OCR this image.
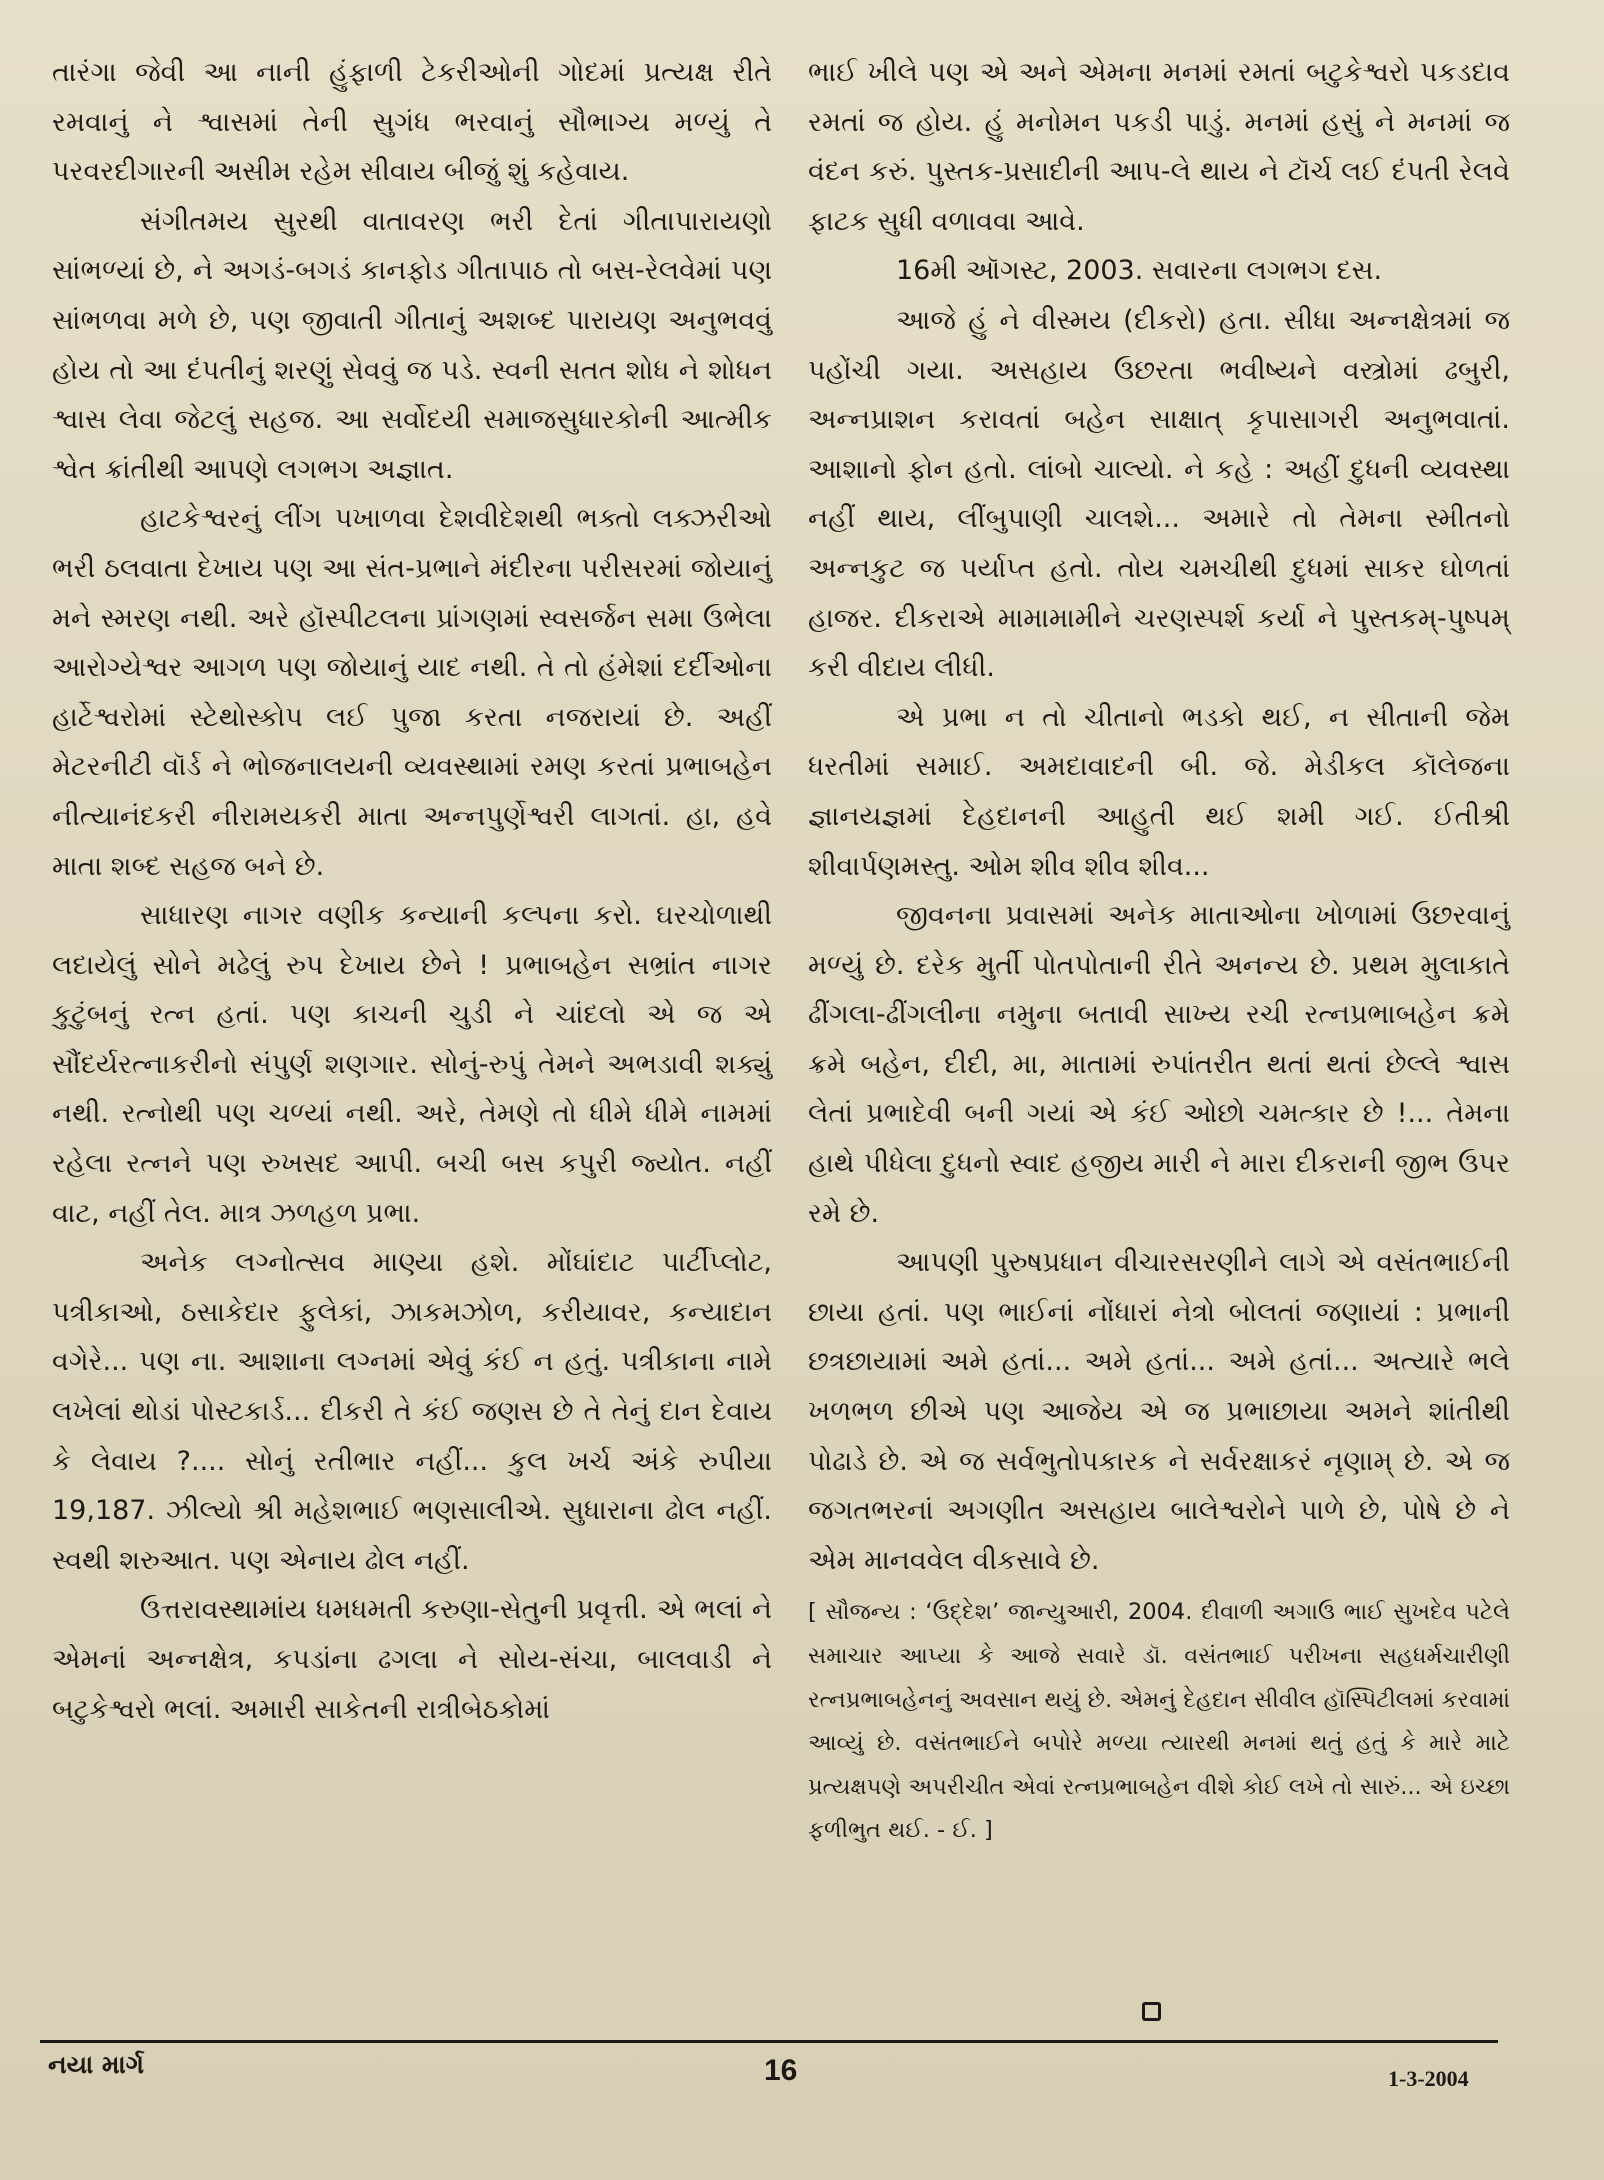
તારંગા જેવી આ નાની હુંફાળી ટેકરીઓની ગોદમાં પ્રત્યક્ષ રીતે રમવાનું ને શ્વાસમાં તેની સુગંધ ભરવાનું સૌભાગ્ય મળ્યું તે પરવરદીગારની અસીમ રહેમ સીવાય બીજું શું કહેવાય.

સંગીતમય સુરથી વાતાવરણ ભરી દેતાં ગીતાપારાયણો સાંભળ્યાં છે, ને અગડં-બગડં કાનફોડ ગીતાપાઠ તો બસ-રેલવેમાં પણ સાંભળવા મળે છે, પણ જીવાતી ગીતાનું અશબ્દ પારાયણ અનુભવવું હોય તો આ દંપતીનું શરણું સેવવું જ પડે. સ્વની સતત શોધ ને શોધન શ્વાસ લેવા જેટલું સહજ. આ સર્વોદયી સમાજસુધારકોની આત્મીક શ્વેત ક્રાંતીથી આપણે લગભગ અજ્ઞાત.

હાટકેશ્વરનું લીંગ પખાળવા દેશવીદેશથી ભક્તો લક્ઝરીઓ ભરી ઠલવાતા દેખાય પણ આ સંત-પ્રભાને મંદીરના પરીસરમાં જોયાનું મને સ્મરણ નથી. અરે હૉસ્પીટલના પ્રાંગણમાં સ્વસર્જન સમા ઉભેલા આરોગ્યેશ્વર આગળ પણ જોયાનું યાદ નથી. તે તો હંમેશાં દર્દીઓના હાર્ટેશ્વરોમાં સ્ટેથોસ્કોપ લઈ પુજા કરતા નજરાયાં છે. અહીં મેટરનીટી વૉર્ડ ને ભોજનાલયની વ્યવસ્થામાં રમણ કરતાં પ્રભાબહેન નીત્યાનંદકરી નીરામયકરી માતા અન્નપુર્ણેશ્વરી લાગતાં. હા, હવે માતા શબ્દ સહજ બને છે.

સાધારણ નાગર વણીક કન્યાની કલ્પના કરો. ઘરચોળાથી લદાયેલું સોને મઢેલું રુપ દેખાય છેને ! પ્રભાબહેન સભ્રાંત નાગર કુટુંબનું રત્ન હતાં. પણ કાચની ચુડી ને ચાંદલો એ જ એ સૌંદર્યરત્નાકરીનો સંપુર્ણ શણગાર. સોનું-રુપું તેમને અભડાવી શક્યું નથી. રત્નોથી પણ ચળ્યાં નથી. અરે, તેમણે તો ધીમે ધીમે નામમાં રહેલા રત્નને પણ રુખસદ આપી. બચી બસ કપુરી જ્યોત. નહીં વાટ, નહીં તેલ. માત્ર ઝળહળ પ્રભા.

અનેક લગ્નોત્સવ માણ્યા હશે. મોંઘાંદાટ પાર્ટીપ્લોટ, પત્રીકાઓ, ઠસાકેદાર ફુલેકાં, ઝાકમઝોળ, કરીયાવર, કન્યાદાન વગેરે... પણ ના. આશાના લગ્નમાં એવું કંઈ ન હતું. પત્રીકાના નામે લખેલાં થોડાં પોસ્ટકાર્ડ... દીકરી તે કંઈ જણસ છે તે તેનું દાન દેવાય કે લેવાય ?.... સોનું રતીભાર નહીં... કુલ ખર્ચ અંકે રુપીયા 19,187. ઝીલ્યો શ્રી મહેશભાઈ ભણસાલીએ. સુધારાના ઢોલ નહીં. સ્વથી શરુઆત. પણ એનાય ઢોલ નહીં.

ઉત્તરાવસ્થામાંય ધમધમતી કરુણા-સેતુની પ્રવૃત્તી. એ ભલાં ને એમનાં અન્નક્ષેત્ર, કપડાંના ઢગલા ને સોય-સંચા, બાલવાડી ને બટુકેશ્વરો ભલાં. અમારી સાકેતની રાત્રીબેઠકોમાં

ભાઈ ખીલે પણ એ અને એમના મનમાં રમતાં બટુકેશ્વરો પકડદાવ રમતાં જ હોય. હું મનોમન પકડી પાડું. મનમાં હસું ને મનમાં જ વંદન કરું. પુસ્તક-પ્રસાદીની આપ-લે થાય ને ટૉર્ચ લઈ દંપતી રેલવે ફાટક સુધી વળાવવા આવે.

16મી ઑગસ્ટ, 2003. સવારના લગભગ દસ.

આજે હું ને વીસ્મય (દીકરો) હતા. સીધા અન્નક્ષેત્રમાં જ પહોંચી ગયા. અસહાય ઉછરતા ભવીષ્યને વસ્ત્રોમાં ઢબુરી, અન્નપ્રાશન કરાવતાં બહેન સાક્ષાત્ કૃપાસાગરી અનુભવાતાં. આશાનો ફોન હતો. લાંબો ચાલ્યો. ને કહે : અહીં દુધની વ્યવસ્થા નહીં થાય, લીંબુપાણી ચાલશે... અમારે તો તેમના સ્મીતનો અન્નકુટ જ પર્યાપ્ત હતો. તોય ચમચીથી દુધમાં સાકર ઘોળતાં હાજર. દીકરાએ મામામામીને ચરણસ્પર્શ કર્યા ને પુસ્તકમ્-પુષ્પમ્ કરી વીદાય લીધી.

એ પ્રભા ન તો ચીતાનો ભડકો થઈ, ન સીતાની જેમ ધરતીમાં સમાઈ. અમદાવાદની બી. જે. મેડીકલ કૉલેજના જ્ઞાનયજ્ઞમાં દેહદાનની આહુતી થઈ શમી ગઈ. ઈતીશ્રી શીવાર્પણમસ્તુ. ઓમ શીવ શીવ શીવ...

જીવનના પ્રવાસમાં અનેક માતાઓના ખોળામાં ઉછરવાનું મળ્યું છે. દરેક મુર્તી પોતપોતાની રીતે અનન્ય છે. પ્રથમ મુલાકાતે ઢીંગલા-ઢીંગલીના નમુના બતાવી સાખ્ય રચી રત્નપ્રભાબહેન ક્રમે ક્રમે બહેન, દીદી, મા, માતામાં રુપાંતરીત થતાં થતાં છેલ્લે શ્વાસ લેતાં પ્રભાદેવી બની ગયાં એ કંઈ ઓછો ચમત્કાર છે !... તેમના હાથે પીધેલા દુધનો સ્વાદ હજીય મારી ને મારા દીકરાની જીભ ઉપર રમે છે.

આપણી પુરુષપ્રધાન વીચારસરણીને લાગે એ વસંતભાઈની છાયા હતાં. પણ ભાઈનાં નોંધારાં નેત્રો બોલતાં જણાયાં : પ્રભાની છત્રછાયામાં અમે હતાં... અમે હતાં... અમે હતાં... અત્યારે ભલે ખળભળ છીએ પણ આજેય એ જ પ્રભાછાયા અમને શાંતીથી પોઢાડે છે. એ જ સર્વભુતોપકારક ને સર્વરક્ષાકરં નૃણામ્ છે. એ જ જગતભરનાં અગણીત અસહાય બાલેશ્વરોને પાળે છે, પોષે છે ને એમ માનવવેલ વીકસાવે છે.

[ સૌજન્ય : ‘ઉદ્દેશ’ જાન્યુઆરી, 2004. દીવાળી અગાઉ ભાઈ સુખદેવ પટેલે સમાચાર આપ્યા કે આજે સવારે ડૉ. વસંતભાઈ પરીખના સહધર્મચારીણી રત્નપ્રભાબહેનનું અવસાન થયું છે. એમનું દેહદાન સીવીલ હૉસ્પિટીલમાં કરવામાં આવ્યું છે. વસંતભાઈને બપોરે મળ્યા ત્યારથી મનમાં થતું હતું કે મારે માટે પ્રત્યક્ષપણે અપરીચીત એવાં રત્નપ્રભાબહેન વીશે કોઈ લખે તો સારું... એ ઇચ્છા ફળીભુત થઈ. - ઈ. ]

નયા માર્ગ	16	1-3-2004
